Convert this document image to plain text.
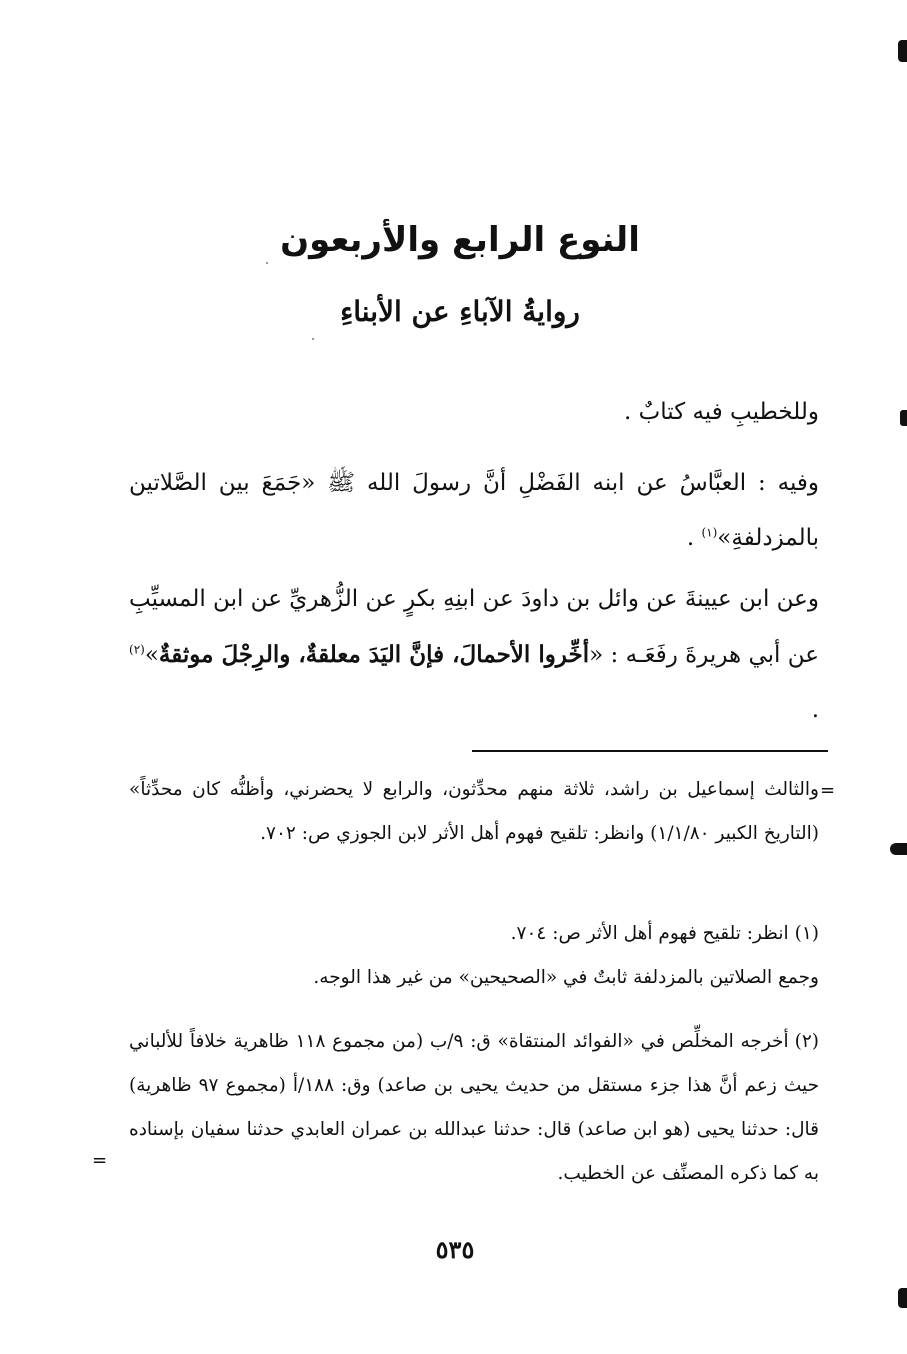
النوع الرابع والأربعون
روايةُ الآباءِ عن الأبناءِ

وللخطيبِ فيه كتابٌ .

وفيه : العبَّاسُ عن ابنه الفَضْلِ أنَّ رسولَ الله ﷺ «جَمَعَ بين الصَّلاتين بالمزدلفةِ»$^{(١)}$ .

وعن ابن عيينةَ عن وائل بن داودَ عن ابنِهِ بكرٍ عن الزُّهريِّ عن ابن المسيِّبِ عن أبي هريرةَ رفَعَـه : «أخِّروا الأحمالَ، فإنَّ اليَدَ معلقةٌ، والرِجْلَ موثقةٌ»$^{(٢)}$ .

=

والثالث إسماعيل بن راشد، ثلاثة منهم محدِّثون، والرابع لا يحضرني، وأظنُّه كان محدِّثاً» (التاريخ الكبير ١/١/٨٠) وانظر: تلقيح فهوم أهل الأثر لابن الجوزي ص: ٧٠٢.

(١)انظر: تلقيح فهوم أهل الأثر ص: ٧٠٤.
وجمع الصلاتين بالمزدلفة ثابتٌ في «الصحيحين» من غير هذا الوجه.

(٢)أخرجه المخلِّص في «الفوائد المنتقاة» ق: ٩/ب (من مجموع ١١٨ ظاهرية خلافاً للألباني حيث زعم أنَّ هذا جزء مستقل من حديث يحيى بن صاعد) وق: ١٨٨/أ (مجموع ٩٧ ظاهرية) قال: حدثنا يحيى (هو ابن صاعد) قال: حدثنا عبدالله بن عمران العابدي حدثنا سفيان بإسناده به كما ذكره المصنِّف عن الخطيب.

=
٥٣٥
